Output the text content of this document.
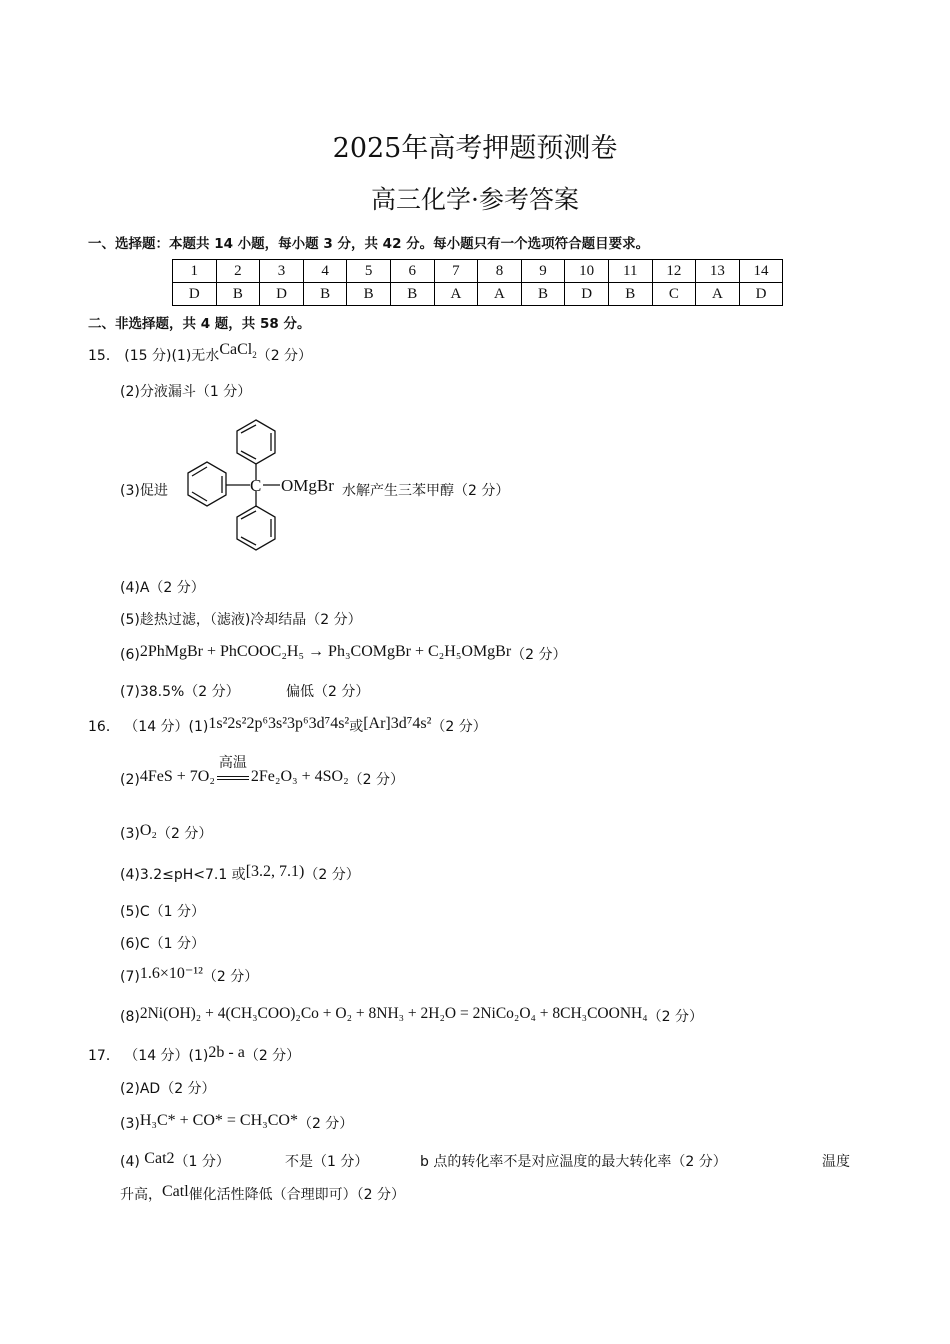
2025年高考押题预测卷
高三化学·参考答案
一、选择题：本题共 14 小题，每小题 3 分，共 42 分。每小题只有一个选项符合题目要求。
1	2	3	4	5	6	7	8	9	10	11	12	13	14
D	B	D	B	B	B	A	A	B	D	B	C	A	D
二、非选择题，共 4 题，共 58 分。
15． (15 分)(1)无水CaCl$_2$（2 分）
(2)分液漏斗（1 分）
(3)促进	C OMgBr 水解产生三苯甲醇（2 分）
(4)A（2 分）
(5)趁热过滤，（滤液)冷却结晶（2 分）
(6)2PhMgBr + PhCOOC₂H₅ → Ph₃COMgBr + C₂H₅OMgBr（2 分）
(7)38.5%（2 分）	偏低（2 分）
16． （14 分）(1)1s²2s²2p⁶3s²3p⁶3d⁷4s²或[Ar]3d⁷4s²（2 分）
(2)4FeS + 7O₂
高温
2Fe₂O₃ + 4SO₂（2 分）
(3)O₂（2 分）
(4)3.2≤pH<7.1 或[3.2, 7.1)（2 分）
(5)C（1 分）
(6)C（1 分）
(7)1.6×10⁻¹²（2 分）
(8)2Ni(OH)₂ + 4(CH₃COO)₂Co + O₂ + 8NH₃ + 2H₂O = 2NiCo₂O₄ + 8CH₃COONH₄（2 分）
17． （14 分）(1)2b - a（2 分）
(2)AD（2 分）
(3)H₃C* + CO* = CH₃CO*（2 分）
(4) Cat2（1 分）	不是（1 分）	b 点的转化率不是对应温度的最大转化率（2 分）	温度
升高，Catl催化活性降低（合理即可）（2 分）
